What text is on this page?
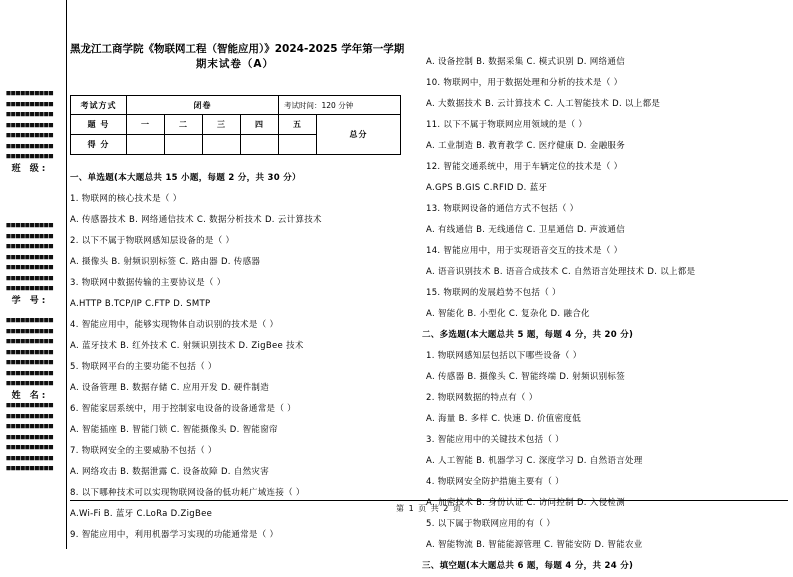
■■■■■■■■■■■■■■■■■■■■■■■■■■■■■■■■■■■■■■■■■■■■■■■■■■■■■■■■■■■■■■■■■■■■■■
班 级:
■■■■■■■■■■■■■■■■■■■■■■■■■■■■■■■■■■■■■■■■■■■■■■■■■■■■■■■■■■■■■■■■■■■■■■
学 号:
■■■■■■■■■■■■■■■■■■■■■■■■■■■■■■■■■■■■■■■■■■■■■■■■■■■■■■■■■■■■■■■■■■■■■■
姓 名:
■■■■■■■■■■■■■■■■■■■■■■■■■■■■■■■■■■■■■■■■■■■■■■■■■■■■■■■■■■■■■■■■■■■■■■
黑龙江工商学院《物联网工程（智能应用）》2024-2025 学年第一学期
期末试卷（A）
考试方式	闭卷				考试时间：120 分钟	
题 号	一	二	三	四	五	总分
得 分						
一、单选题(本大题总共 15 小题，每题 2 分，共 30 分）
1. 物联网的核心技术是（ ）
A. 传感器技术 B. 网络通信技术 C. 数据分析技术 D. 云计算技术
2. 以下不属于物联网感知层设备的是（ ）
A. 摄像头 B. 射频识别标签 C. 路由器 D. 传感器
3. 物联网中数据传输的主要协议是（ ）
A.HTTP B.TCP/IP C.FTP D. SMTP
4. 智能应用中，能够实现物体自动识别的技术是（ ）
A. 蓝牙技术 B. 红外技术 C. 射频识别技术 D. ZigBee 技术
5. 物联网平台的主要功能不包括（ ）
A. 设备管理 B. 数据存储 C. 应用开发 D. 硬件制造
6. 智能家居系统中，用于控制家电设备的设备通常是（ ）
A. 智能插座 B. 智能门锁 C. 智能摄像头 D. 智能窗帘
7. 物联网安全的主要威胁不包括（ ）
A. 网络攻击 B. 数据泄露 C. 设备故障 D. 自然灾害
8. 以下哪种技术可以实现物联网设备的低功耗广域连接（ ）
A.Wi-Fi B. 蓝牙 C.LoRa D.ZigBee
9. 智能应用中，利用机器学习实现的功能通常是（ ）
A. 设备控制 B. 数据采集 C. 模式识别 D. 网络通信
10. 物联网中，用于数据处理和分析的技术是（ ）
A. 大数据技术 B. 云计算技术 C. 人工智能技术 D. 以上都是
11. 以下不属于物联网应用领域的是（ ）
A. 工业制造 B. 教育教学 C. 医疗健康 D. 金融服务
12. 智能交通系统中，用于车辆定位的技术是（ ）
A.GPS B.GIS C.RFID D. 蓝牙
13. 物联网设备的通信方式不包括（ ）
A. 有线通信 B. 无线通信 C. 卫星通信 D. 声波通信
14. 智能应用中，用于实现语音交互的技术是（ ）
A. 语音识别技术 B. 语音合成技术 C. 自然语言处理技术 D. 以上都是
15. 物联网的发展趋势不包括（ ）
A. 智能化 B. 小型化 C. 复杂化 D. 融合化
二、多选题(本大题总共 5 题，每题 4 分，共 20 分)
1. 物联网感知层包括以下哪些设备（ ）
A. 传感器 B. 摄像头 C. 智能终端 D. 射频识别标签
2. 物联网数据的特点有（ ）
A. 海量 B. 多样 C. 快速 D. 价值密度低
3. 智能应用中的关键技术包括（ ）
A. 人工智能 B. 机器学习 C. 深度学习 D. 自然语言处理
4. 物联网安全防护措施主要有（ ）
A. 加密技术 B. 身份认证 C. 访问控制 D. 入侵检测
5. 以下属于物联网应用的有（ ）
A. 智能物流 B. 智能能源管理 C. 智能安防 D. 智能农业
三、填空题(本大题总共 6 题，每题 4 分，共 24 分)
第 1 页 共 2 页
